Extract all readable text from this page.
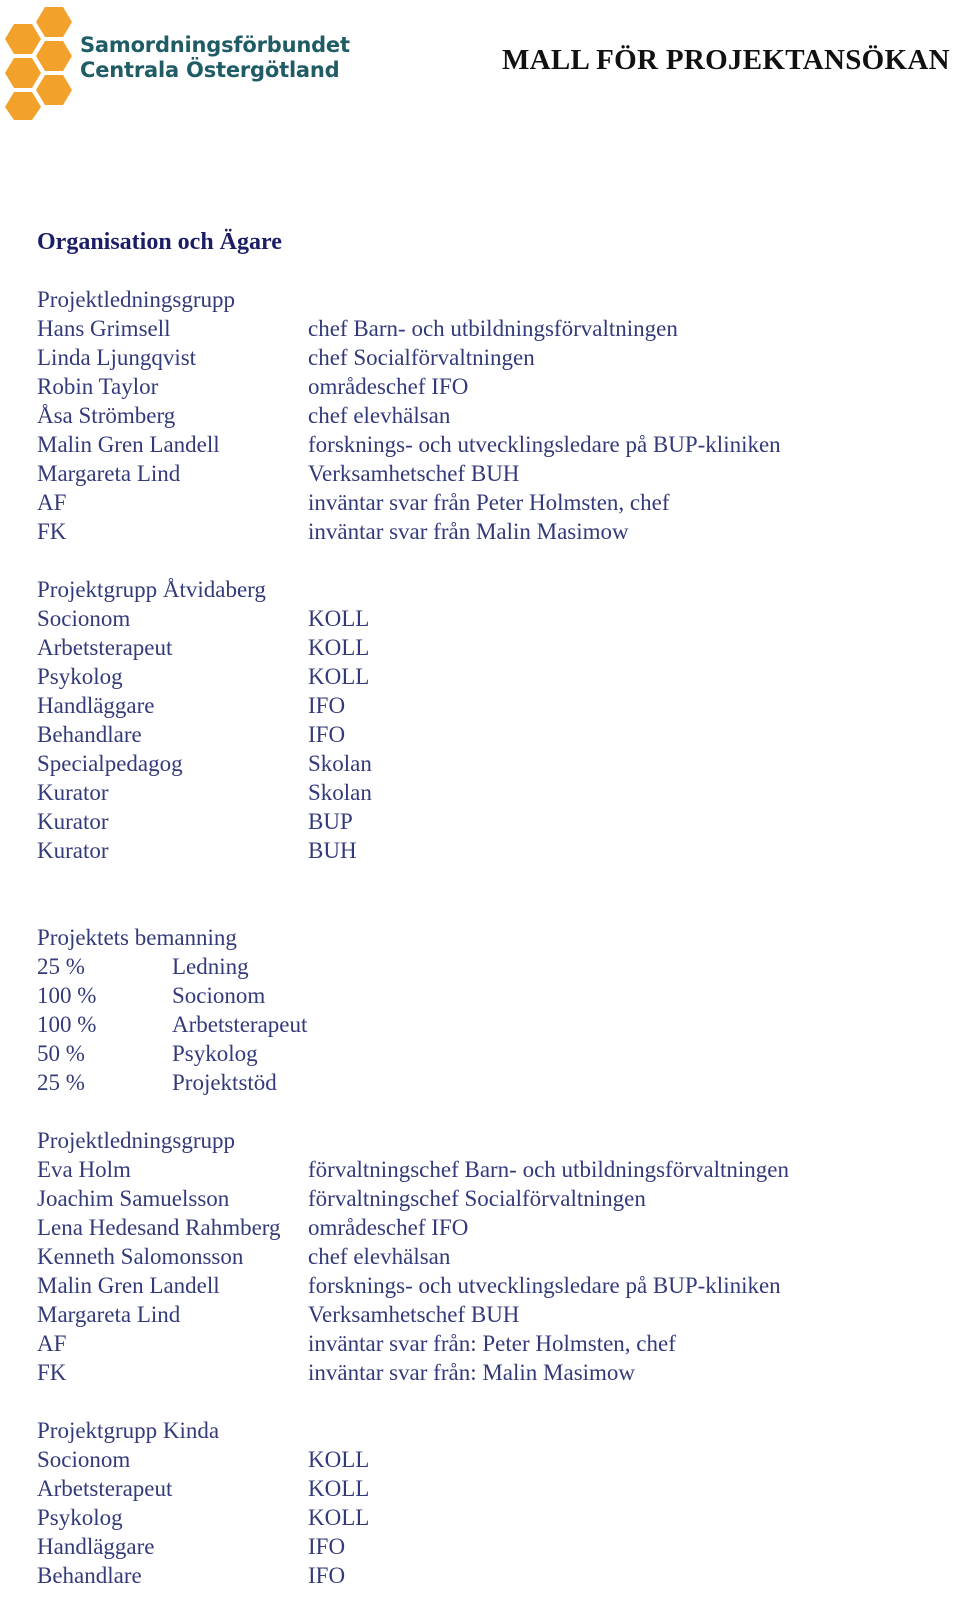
Samordningsförbundet
Centrala Östergötland	MALL FÖR PROJEKTANSÖKAN
Organisation och Ägare
Projektledningsgrupp
Hans Grimsell	chef Barn- och utbildningsförvaltningen
Linda Ljungqvist	chef Socialförvaltningen
Robin Taylor	områdeschef IFO
Åsa Strömberg	chef elevhälsan
Malin Gren Landell	forsknings- och utvecklingsledare på BUP-kliniken
Margareta Lind	Verksamhetschef BUH
AF	inväntar svar från Peter Holmsten, chef
FK	inväntar svar från Malin Masimow
Projektgrupp Åtvidaberg
Socionom	KOLL
Arbetsterapeut	KOLL
Psykolog	KOLL
Handläggare	IFO
Behandlare	IFO
Specialpedagog	Skolan
Kurator	Skolan
Kurator	BUP
Kurator	BUH
Projektets bemanning
25 %	Ledning
100 %	Socionom
100 %	Arbetsterapeut
50 %	Psykolog
25 %	Projektstöd
Projektledningsgrupp
Eva Holm	förvaltningschef Barn- och utbildningsförvaltningen
Joachim Samuelsson	förvaltningschef Socialförvaltningen
Lena Hedesand Rahmberg	områdeschef IFO
Kenneth Salomonsson	chef elevhälsan
Malin Gren Landell	forsknings- och utvecklingsledare på BUP-kliniken
Margareta Lind	Verksamhetschef BUH
AF	inväntar svar från: Peter Holmsten, chef
FK	inväntar svar från: Malin Masimow
Projektgrupp Kinda
Socionom	KOLL
Arbetsterapeut	KOLL
Psykolog	KOLL
Handläggare	IFO
Behandlare	IFO
